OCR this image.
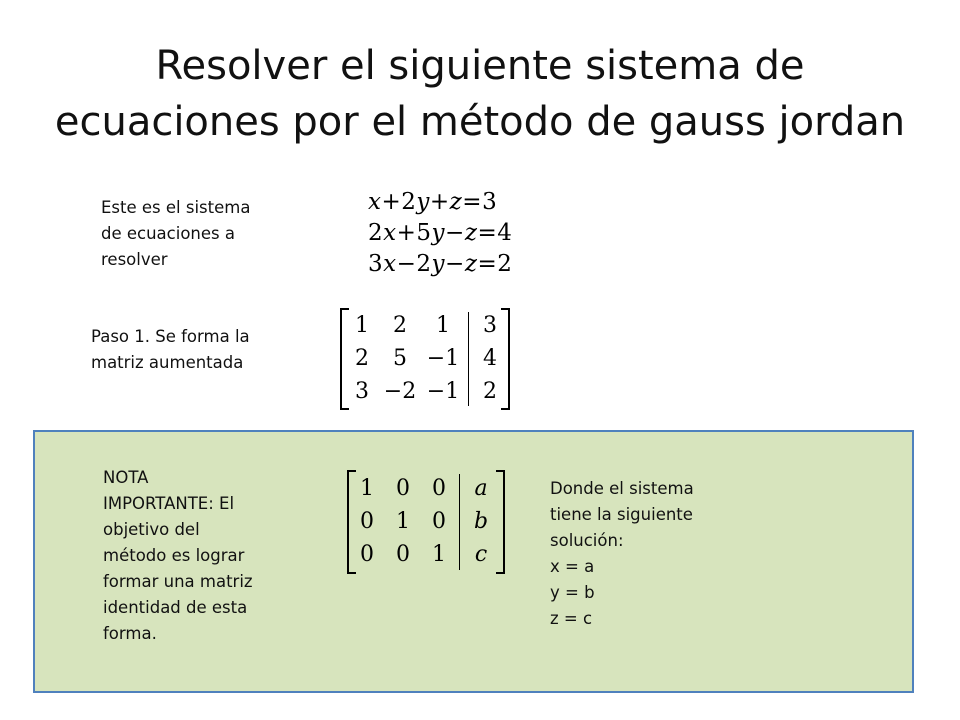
Resolver el siguiente sistema de
ecuaciones por el método de gauss jordan
Este es el sistema
de ecuaciones a
resolver
x+2y+z=3
2x+5y−z=4
3x−2y−z=2
Paso 1. Se forma la
matriz aumentada
1	2	1	3
2	5 −1	4
3 −2 −1	2
NOTA
IMPORTANTE: El
objetivo del
método es lograr
formar una matriz
identidad de esta
forma.
1	0	0	a
0	1	0	b
0	0	1	c
Donde el sistema
tiene la siguiente
solución:
x = a
y = b
z = c
